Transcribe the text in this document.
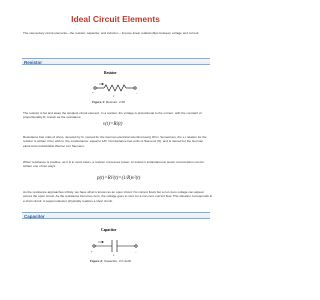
Ideal Circuit Elements

The elementary circuit elements—the resistor, capacitor, and inductor— impose linear relationships between voltage and current.

Resistor
Resistor
+	−
v
Figure 1: Resistor. v=Ri

The resistor is far and away the simplest circuit element. In a resistor, the voltage is proportional to the current, with the constant of proportionality R, known as the resistance.

v(t)=Ri(t)

Resistance has units of ohms, denoted by Ω, named for the German electrical scientist Georg Ohm. Sometimes, the v-i relation for the resistor is written i=Gv, with G, the conductance, equal to 1/R. Conductance has units of Siemens (S), and is named for the German electronics industrialist Werner von Siemens.

When resistance is positive, as it is in most cases, a resistor consumes power. A resistor's instantaneous power consumption can be written one of two ways.

p(t)=Ri²(t)=(1/R)v²(t)

As the resistance approaches infinity, we have what is known as an open circuit: No current flows but a non-zero voltage can appear across the open circuit. As the resistance becomes zero, the voltage goes to zero for a non-zero current flow. This situation corresponds to a short circuit. A superconductor physically realizes a short circuit.

Capacitor
Capacitor
+	−
v
Figure 2: Capacitor. i=C dv/dt
